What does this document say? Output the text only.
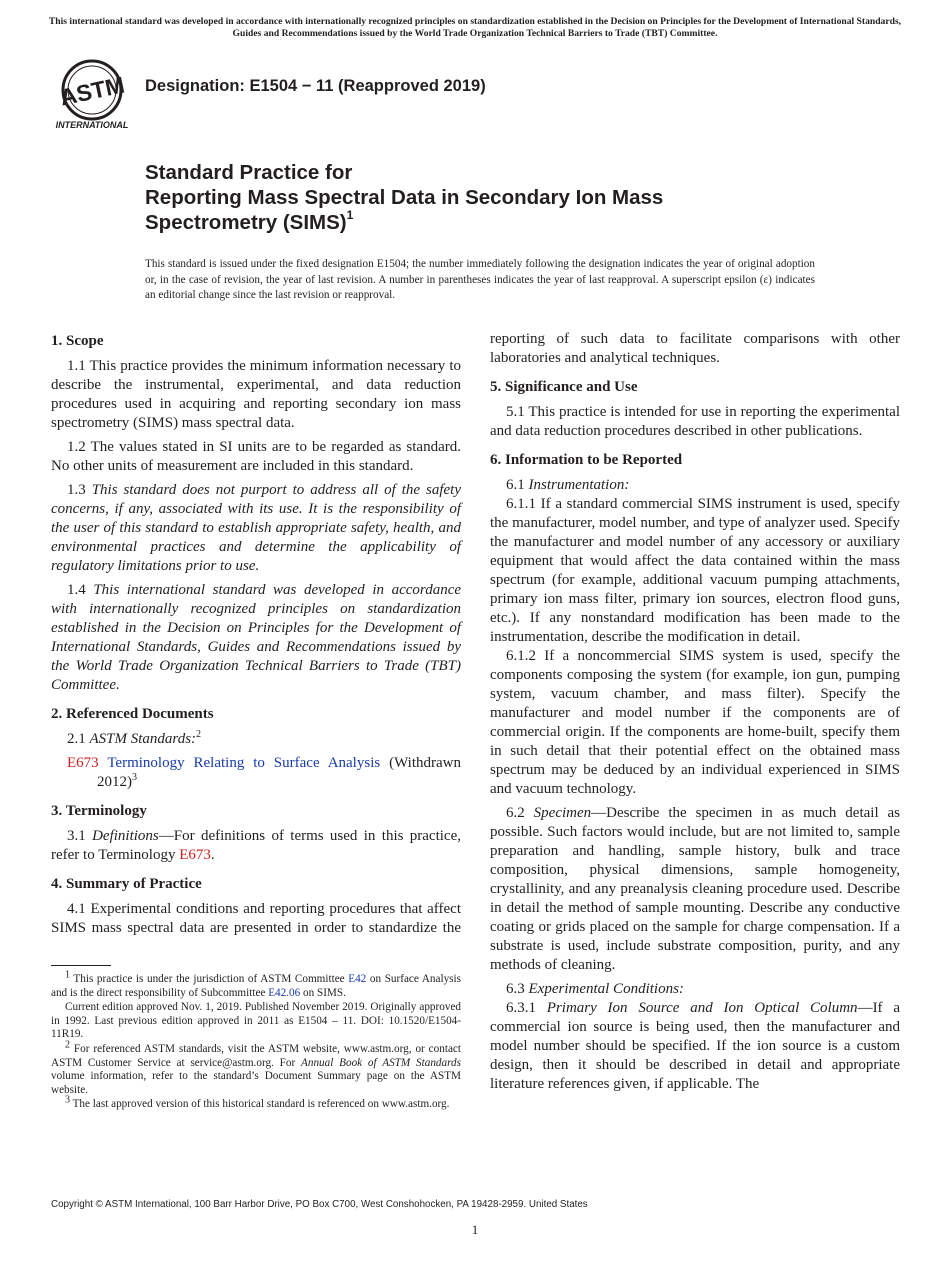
This international standard was developed in accordance with internationally recognized principles on standardization established in the Decision on Principles for the Development of International Standards, Guides and Recommendations issued by the World Trade Organization Technical Barriers to Trade (TBT) Committee.
ASTM
INTERNATIONAL
Designation: E1504 − 11 (Reapproved 2019)
Standard Practice for
Reporting Mass Spectral Data in Secondary Ion Mass
Spectrometry (SIMS)$^1$
This standard is issued under the fixed designation E1504; the number immediately following the designation indicates the year of original adoption or, in the case of revision, the year of last revision. A number in parentheses indicates the year of last reapproval. A superscript epsilon (ε) indicates an editorial change since the last revision or reapproval.
1. Scope

1.1 This practice provides the minimum information necessary to describe the instrumental, experimental, and data reduction procedures used in acquiring and reporting secondary ion mass spectrometry (SIMS) mass spectral data.

1.2 The values stated in SI units are to be regarded as standard. No other units of measurement are included in this standard.

1.3 This standard does not purport to address all of the safety concerns, if any, associated with its use. It is the responsibility of the user of this standard to establish appropriate safety, health, and environmental practices and determine the applicability of regulatory limitations prior to use.

1.4 This international standard was developed in accordance with internationally recognized principles on standardization established in the Decision on Principles for the Development of International Standards, Guides and Recommendations issued by the World Trade Organization Technical Barriers to Trade (TBT) Committee.

2. Referenced Documents

2.1 ASTM Standards:$^2$

E673 Terminology Relating to Surface Analysis (Withdrawn 2012)$^3$

3. Terminology

3.1 Definitions—For definitions of terms used in this practice, refer to Terminology E673.

4. Summary of Practice

4.1 Experimental conditions and reporting procedures that affect SIMS mass spectral data are presented in order to standardize the

reporting of such data to facilitate comparisons with other laboratories and analytical techniques.

5. Significance and Use

5.1 This practice is intended for use in reporting the experimental and data reduction procedures described in other publications.

6. Information to be Reported

6.1 Instrumentation:

6.1.1 If a standard commercial SIMS instrument is used, specify the manufacturer, model number, and type of analyzer used. Specify the manufacturer and model number of any accessory or auxiliary equipment that would affect the data contained within the mass spectrum (for example, additional vacuum pumping attachments, primary ion mass filter, primary ion sources, electron flood guns, etc.). If any nonstandard modification has been made to the instrumentation, describe the modification in detail.

6.1.2 If a noncommercial SIMS system is used, specify the components composing the system (for example, ion gun, pumping system, vacuum chamber, and mass filter). Specify the manufacturer and model number if the components are of commercial origin. If the components are home-built, specify them in such detail that their potential effect on the obtained mass spectrum may be deduced by an individual experienced in SIMS and vacuum technology.

6.2 Specimen—Describe the specimen in as much detail as possible. Such factors would include, but are not limited to, sample preparation and handling, sample history, bulk and trace composition, physical dimensions, sample homogeneity, crystallinity, and any preanalysis cleaning procedure used. Describe in detail the method of sample mounting. Describe any conductive coating or grids placed on the sample for charge compensation. If a substrate is used, include substrate composition, purity, and any methods of cleaning.

6.3 Experimental Conditions:

6.3.1 Primary Ion Source and Ion Optical Column—If a commercial ion source is being used, then the manufacturer and model number should be specified. If the ion source is a custom design, then it should be described in detail and appropriate literature references given, if applicable. The

$^1$ This practice is under the jurisdiction of ASTM Committee E42 on Surface Analysis and is the direct responsibility of Subcommittee E42.06 on SIMS.

Current edition approved Nov. 1, 2019. Published November 2019. Originally approved in 1992. Last previous edition approved in 2011 as E1504 – 11. DOI: 10.1520/E1504-11R19.

$^2$ For referenced ASTM standards, visit the ASTM website, www.astm.org, or contact ASTM Customer Service at service@astm.org. For Annual Book of ASTM Standards volume information, refer to the standard’s Document Summary page on the ASTM website.

$^3$ The last approved version of this historical standard is referenced on www.astm.org.

Copyright © ASTM International, 100 Barr Harbor Drive, PO Box C700, West Conshohocken, PA 19428-2959. United States
1
